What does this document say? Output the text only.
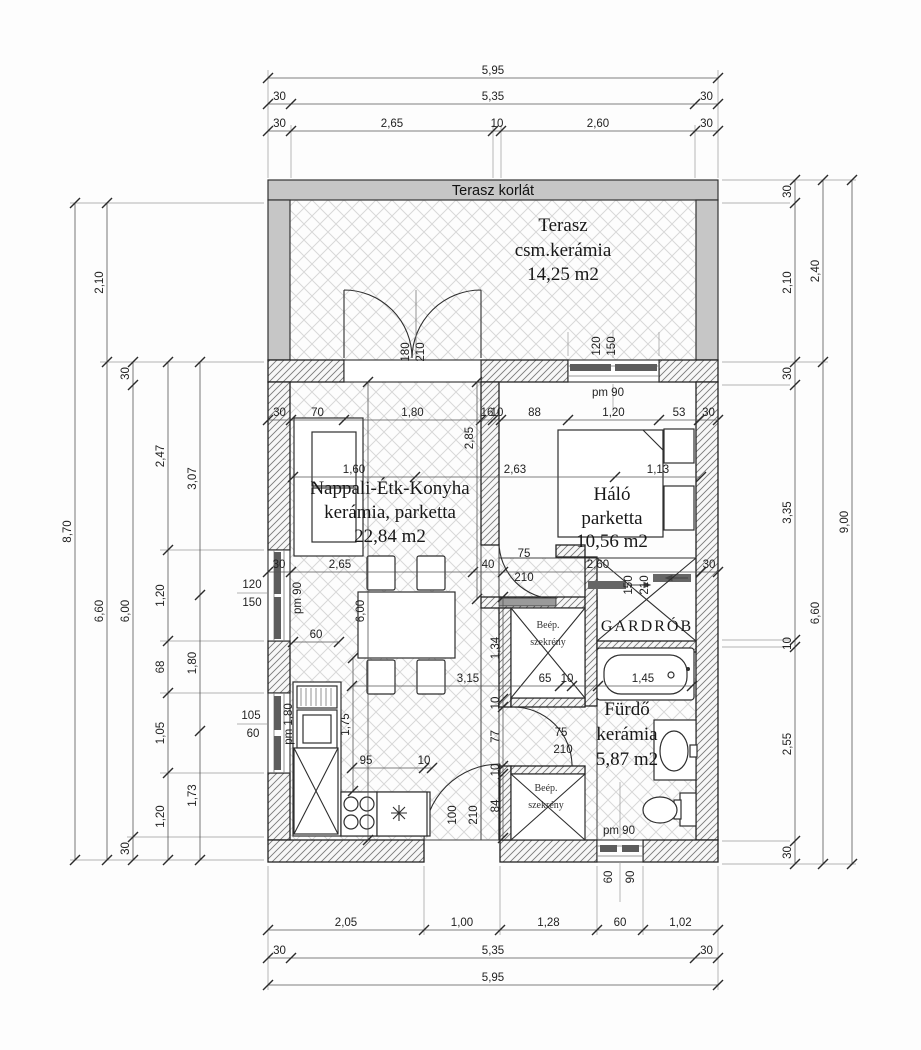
Terasz korlát
Terasz
csm.kerámia
14,25 m2
Beép.
szekrény
Beép.
szekrény
5,95
30	5,35	30
30	2,65	10	2,60	30
2,05	1,00	1,28	60	1,02
30	5,35	30
5,95
8,70
2,10
6,60
30
6,00
30
2,47
1,20
68
1,05
1,20
3,07
1,80
1,73
30
2,10
30
3,35
10
2,55
30
2,40
6,60
9,00
30 70	1,80	16
10 88	1,20	53 30
1,60	2,63	1,13
30	2,65	40	2,60	30
2,85
6,00
1,75
60
95	10
3,15	65 10	1,45
1,34
10
77
10
84
Nappali-Étk-Konyha
kerámia, parketta
22,84 m2
Háló
parketta
10,56 m2
Fürdő
kerámia
5,87 m2
GARDRÓB
180 210	120 150
75
210	150 210
75
210
100 210
120
150
105
60
60 90
pm 90
pm 90
pm 1,80
pm 90
